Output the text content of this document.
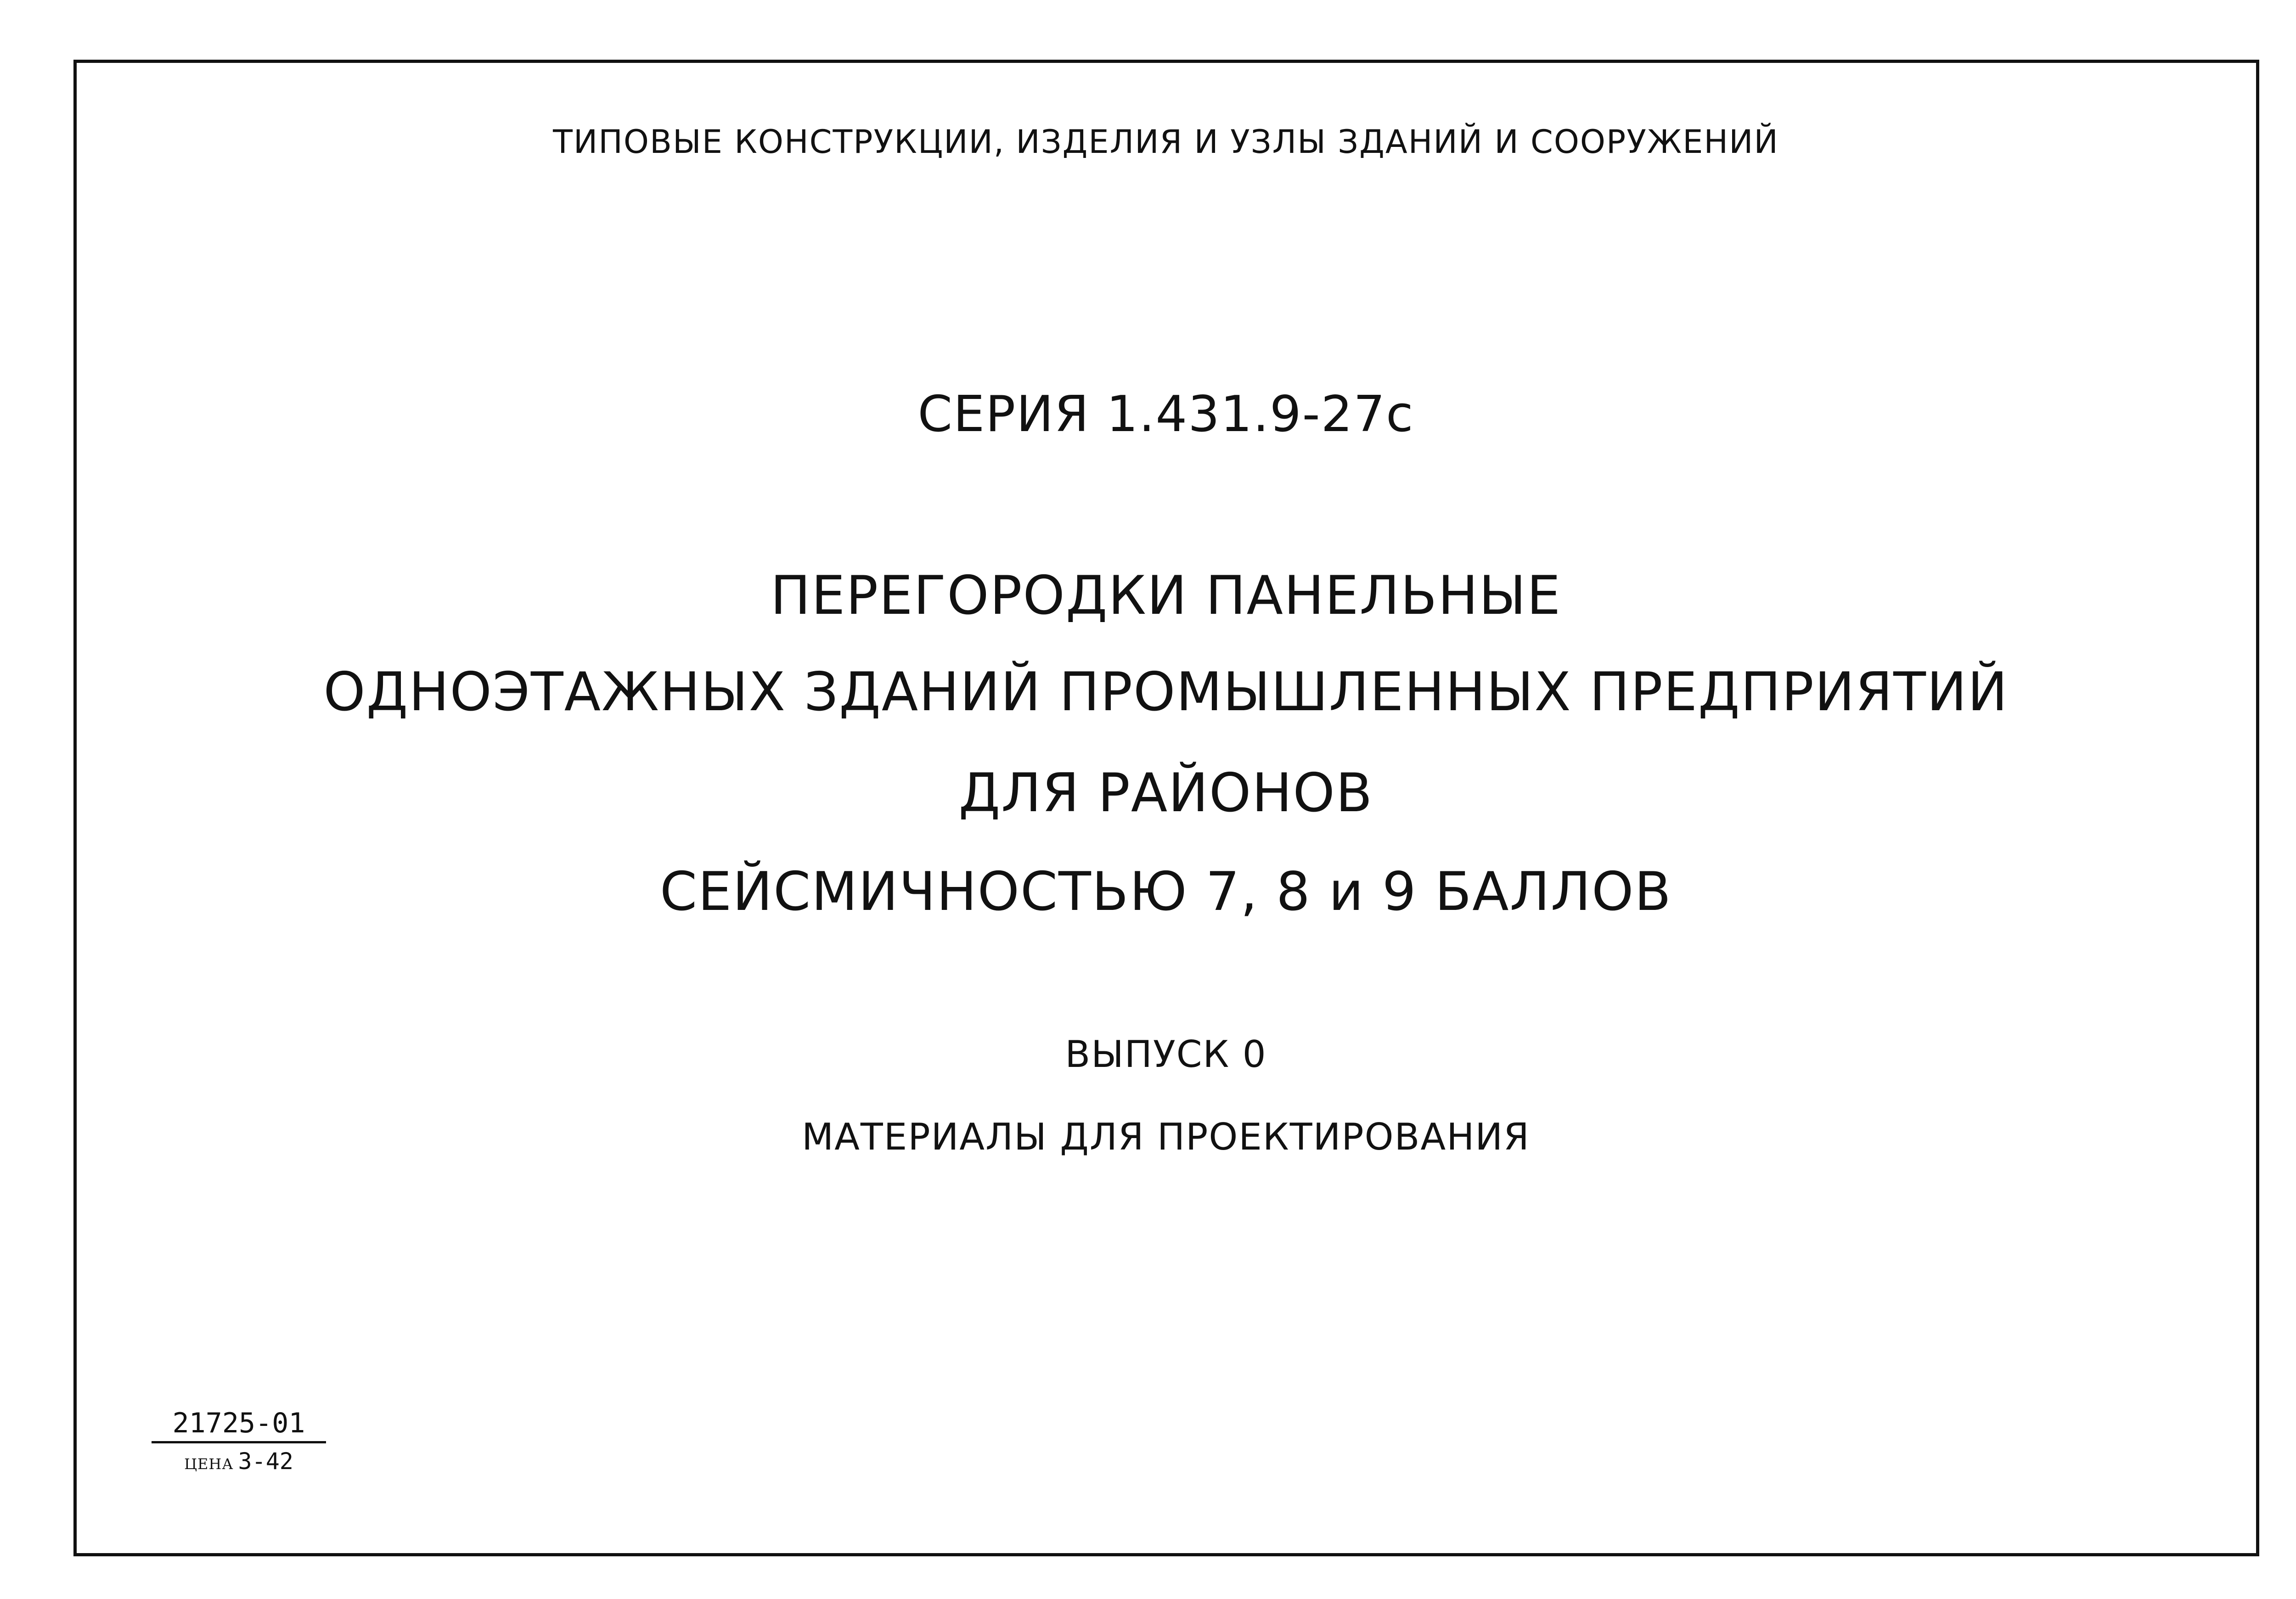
ТИПОВЫЕ КОНСТРУКЦИИ, ИЗДЕЛИЯ И УЗЛЫ ЗДАНИЙ И СООРУЖЕНИЙ
СЕРИЯ 1.431.9-27с
ПЕРЕГОРОДКИ ПАНЕЛЬНЫЕ
ОДНОЭТАЖНЫХ ЗДАНИЙ ПРОМЫШЛЕННЫХ ПРЕДПРИЯТИЙ
ДЛЯ РАЙОНОВ
СЕЙСМИЧНОСТЬЮ 7, 8 и 9 БАЛЛОВ
ВЫПУСК 0
МАТЕРИАЛЫ ДЛЯ ПРОЕКТИРОВАНИЯ
21725-01
ЦЕНА 3-42
